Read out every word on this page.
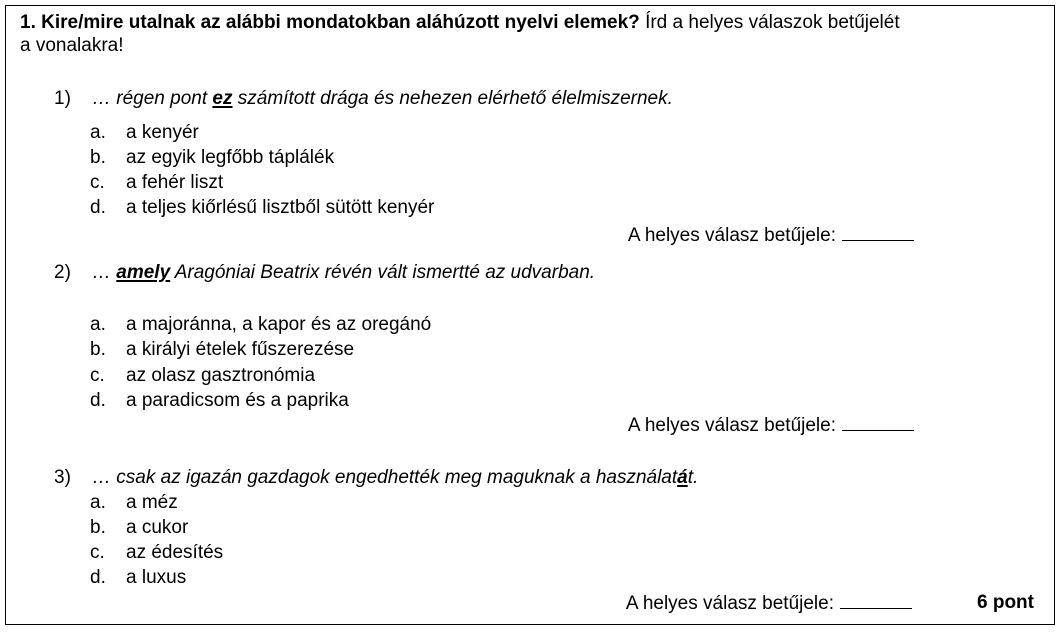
1. Kire/mire utalnak az alábbi mondatokban aláhúzott nyelvi elemek? Írd a helyes válaszok betűjelét
a vonalakra!
1) … régen pont ez számított drága és nehezen elérhető élelmiszernek.
a.	a kenyér
b.	az egyik legfőbb táplálék
c.	a fehér liszt
d.	a teljes kiőrlésű lisztből sütött kenyér
A helyes válasz betűjele:
2) … amely Aragóniai Beatrix révén vált ismertté az udvarban.
a.	a majoránna, a kapor és az oregánó
b.	a királyi ételek fűszerezése
c.	az olasz gasztronómia
d.	a paradicsom és a paprika
A helyes válasz betűjele:
3) … csak az igazán gazdagok engedhették meg maguknak a használatát.
a.	a méz
b.	a cukor
c.	az édesítés
d.	a luxus
A helyes válasz betűjele:	6 pont
